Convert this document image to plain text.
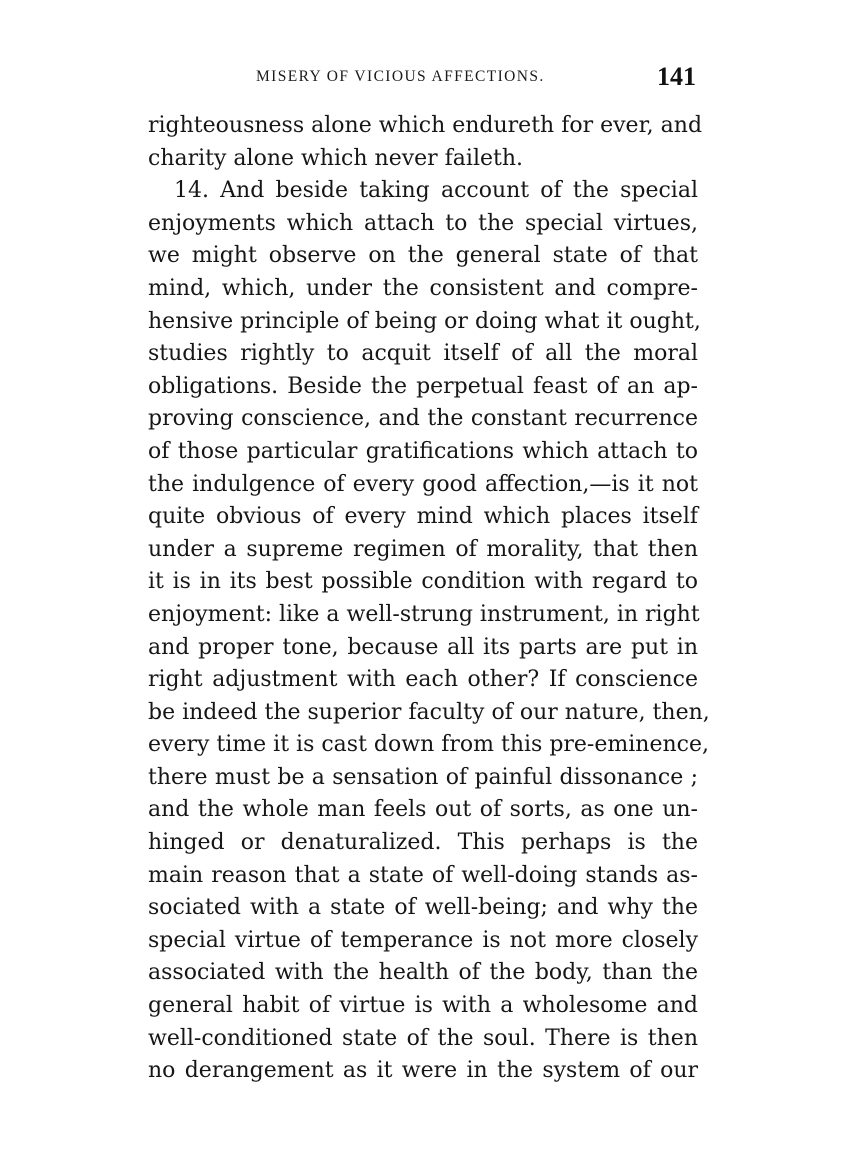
MISERY OF VICIOUS AFFECTIONS.	141
righteousness alone which endureth for ever, and
charity alone which never faileth.
14. And beside taking account of the special
enjoyments which attach to the special virtues,
we might observe on the general state of that
mind, which, under the consistent and compre-
hensive principle of being or doing what it ought,
studies rightly to acquit itself of all the moral
obligations. Beside the perpetual feast of an ap-
proving conscience, and the constant recurrence
of those particular gratifications which attach to
the indulgence of every good affection,—is it not
quite obvious of every mind which places itself
under a supreme regimen of morality, that then
it is in its best possible condition with regard to
enjoyment: like a well-strung instrument, in right
and proper tone, because all its parts are put in
right adjustment with each other? If conscience
be indeed the superior faculty of our nature, then,
every time it is cast down from this pre-eminence,
there must be a sensation of painful dissonance ;
and the whole man feels out of sorts, as one un-
hinged or denaturalized. This perhaps is the
main reason that a state of well-doing stands as-
sociated with a state of well-being; and why the
special virtue of temperance is not more closely
associated with the health of the body, than the
general habit of virtue is with a wholesome and
well-conditioned state of the soul. There is then
no derangement as it were in the system of our
